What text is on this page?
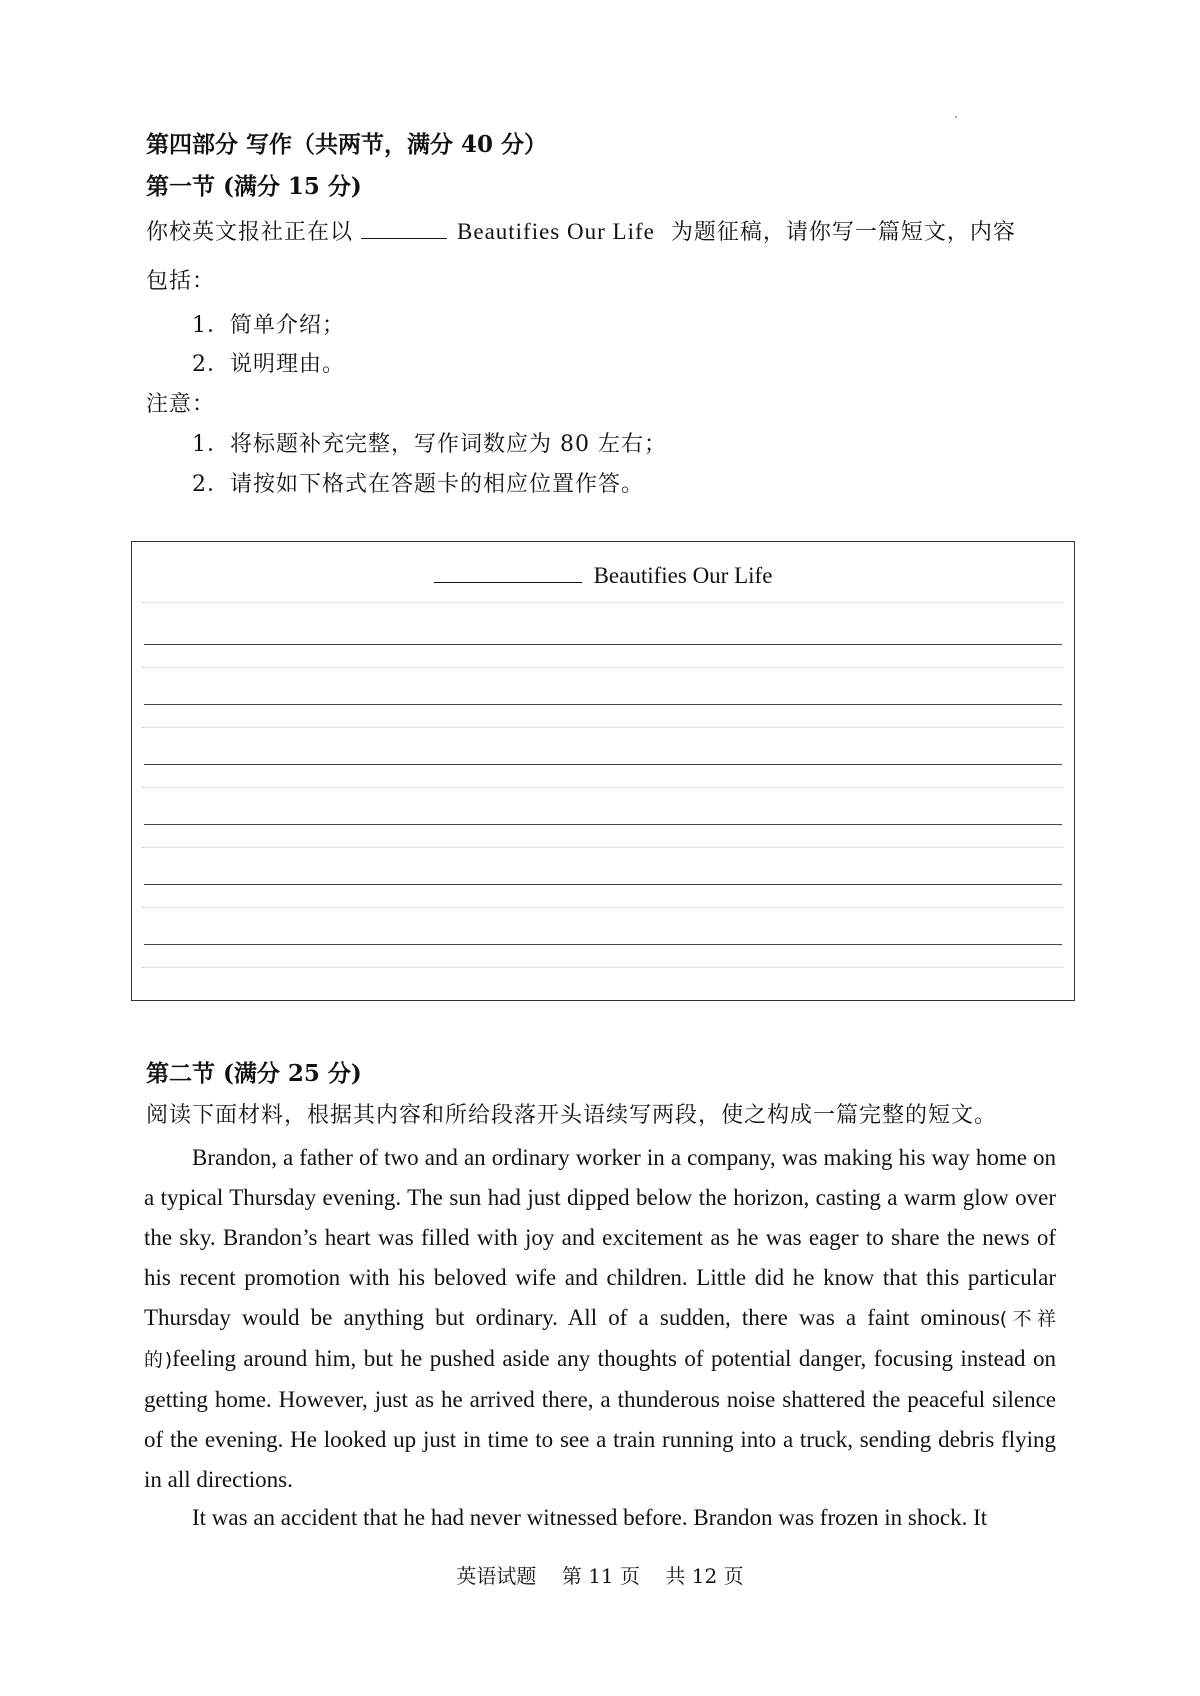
第四部分 写作（共两节，满分 40 分）
第一节 (满分 15 分)
你校英文报社正在以	Beautifies Our Life 为题征稿，请你写一篇短文，内容
包括：
1．简单介绍；
2．说明理由。
注意：
1．将标题补充完整，写作词数应为 80 左右；
2．请按如下格式在答题卡的相应位置作答。
Beautifies Our Life
第二节 (满分 25 分)
阅读下面材料，根据其内容和所给段落开头语续写两段，使之构成一篇完整的短文。

Brandon, a father of two and an ordinary worker in a company, was making his way home on a typical Thursday evening. The sun had just dipped below the horizon, casting a warm glow over the sky. Brandon’s heart was filled with joy and excitement as he was eager to share the news of his recent promotion with his beloved wife and children. Little did he know that this particular Thursday would be anything but ordinary. All of a sudden, there was a faint ominous(不祥的)feeling around him, but he pushed aside any thoughts of potential danger, focusing instead on getting home. However, just as he arrived there, a thunderous noise shattered the peaceful silence of the evening. He looked up just in time to see a train running into a truck, sending debris flying in all directions.

It was an accident that he had never witnessed before. Brandon was frozen in shock. It

英语试题    第 11 页    共 12 页
